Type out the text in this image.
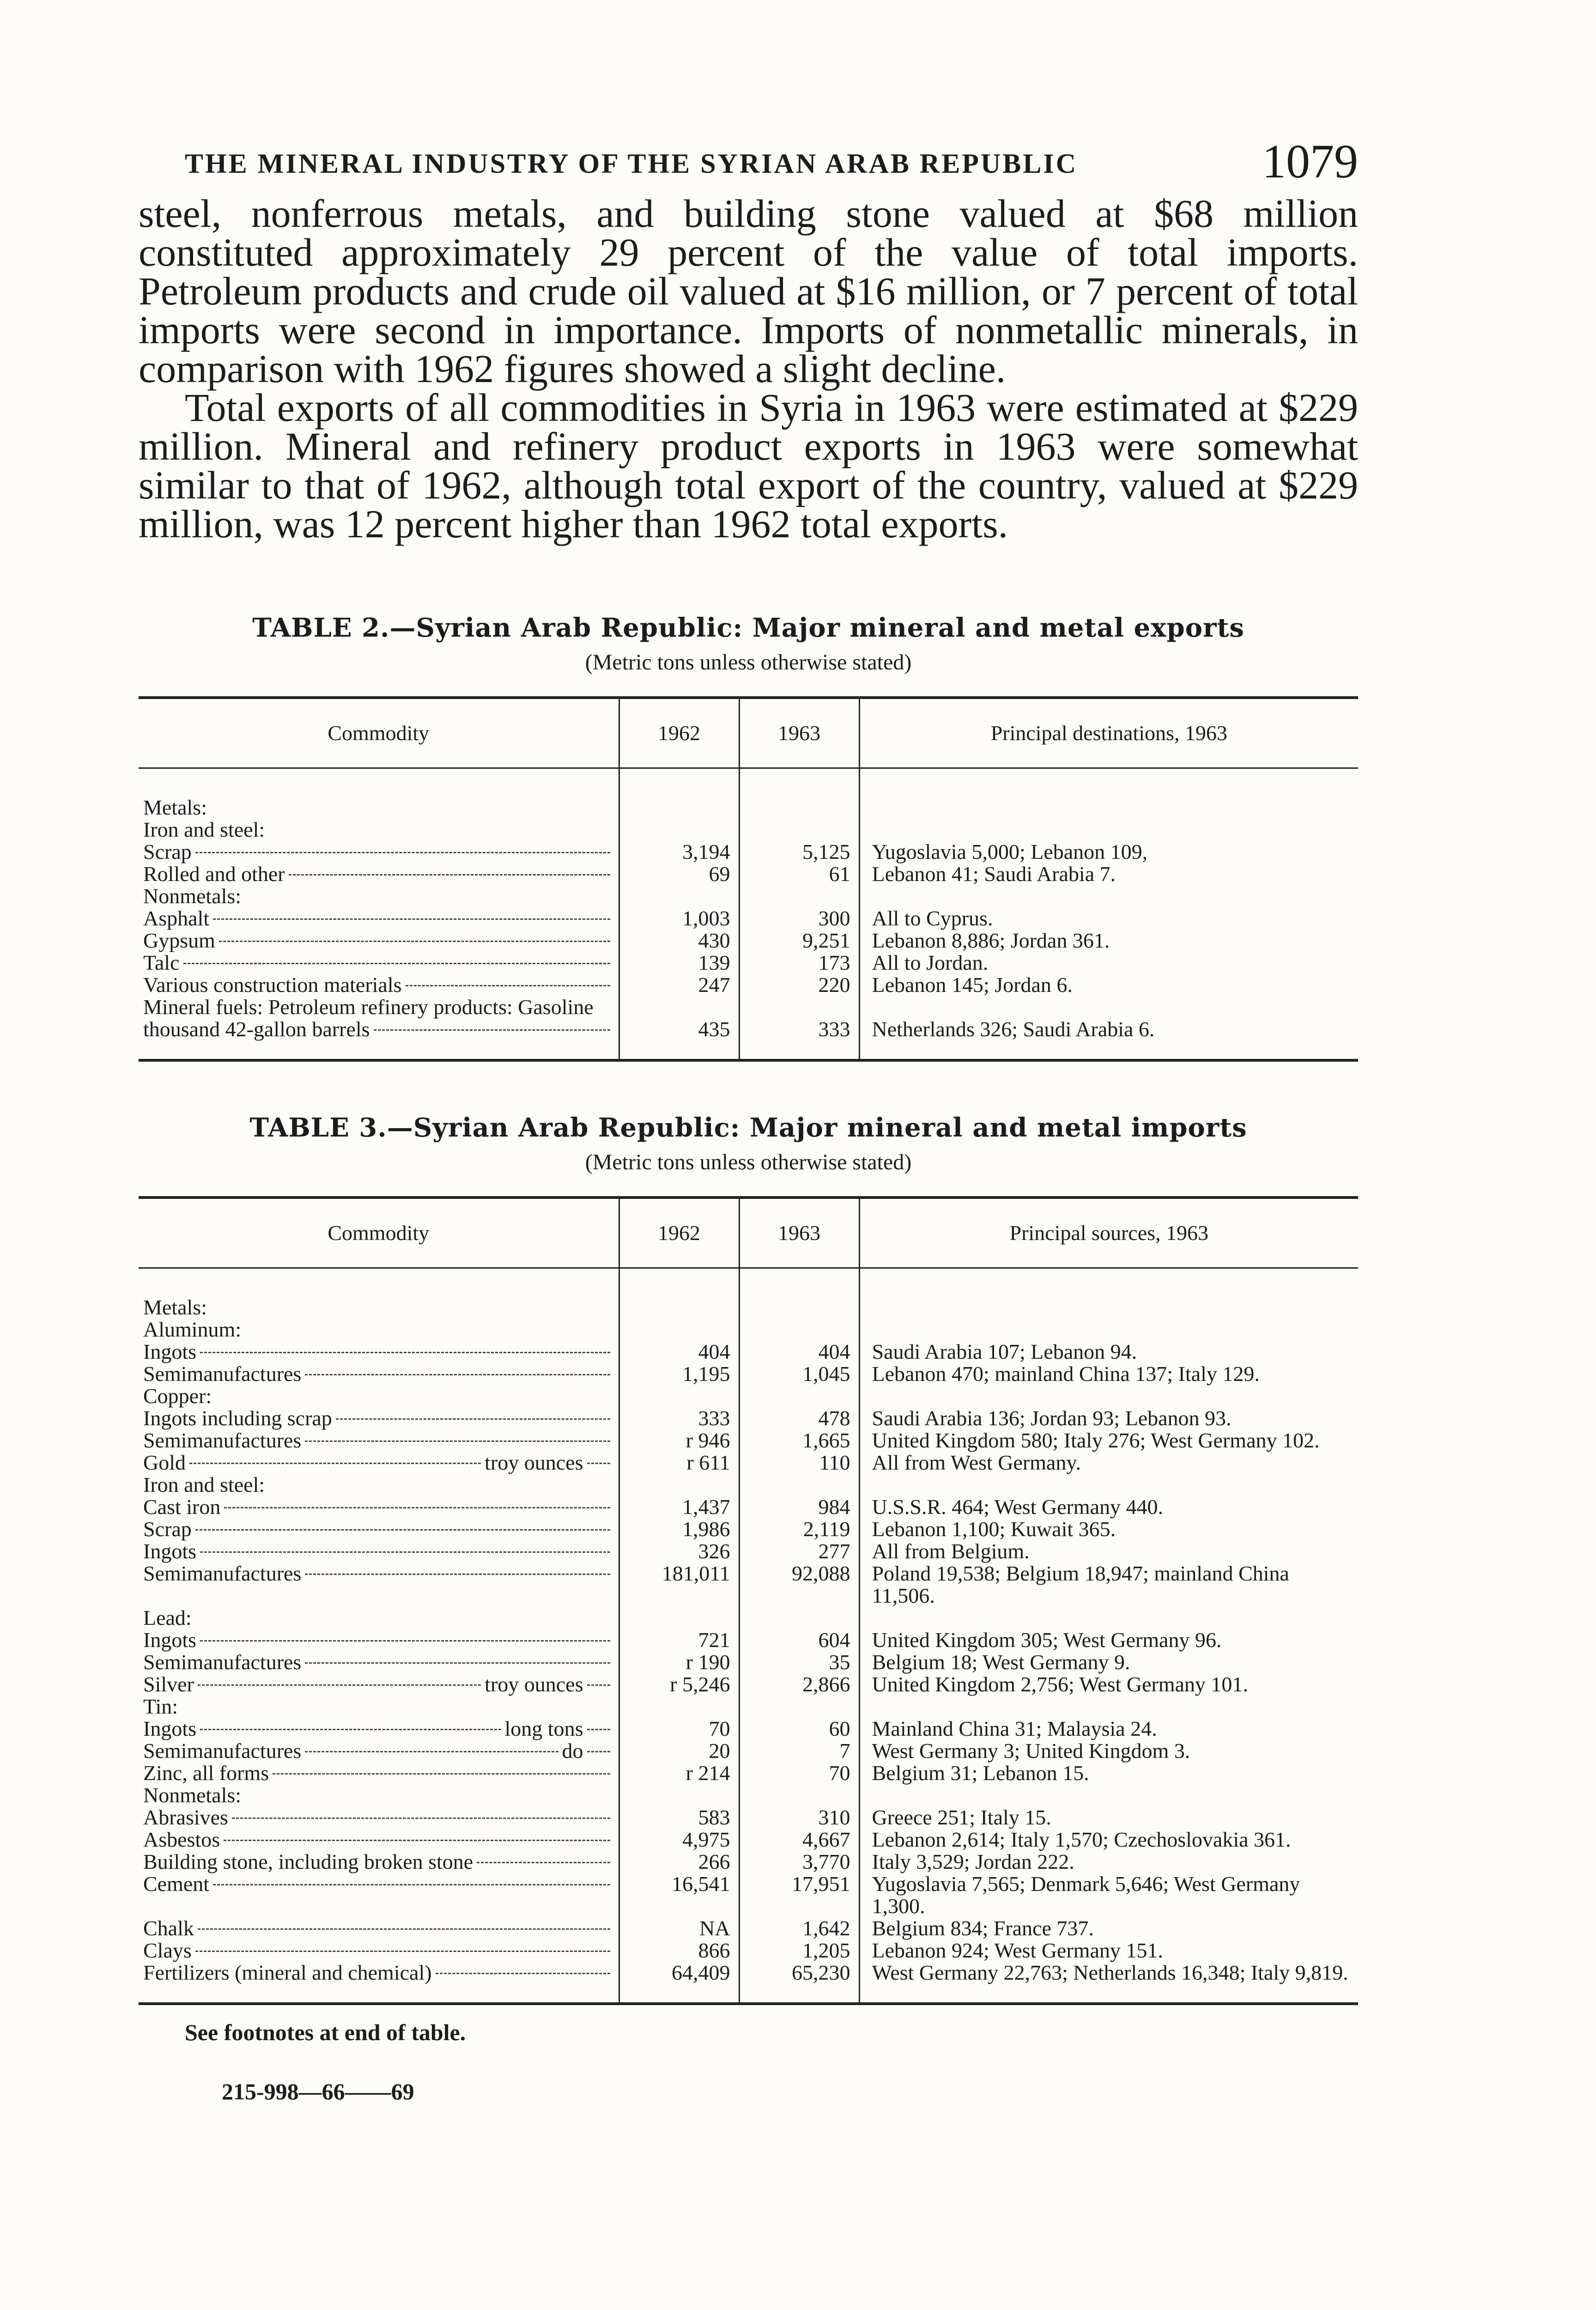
THE MINERAL INDUSTRY OF THE SYRIAN ARAB REPUBLIC	1079

steel, nonferrous metals, and building stone valued at $68 million constituted approximately 29 percent of the value of total imports. Petroleum products and crude oil valued at $16 million, or 7 percent of total imports were second in importance. Imports of nonmetallic minerals, in comparison with 1962 figures showed a slight decline.

Total exports of all commodities in Syria in 1963 were estimated at $229 million. Mineral and refinery product exports in 1963 were somewhat similar to that of 1962, although total export of the country, valued at $229 million, was 12 percent higher than 1962 total exports.

TABLE 2.—Syrian Arab Republic: Major mineral and metal exports
(Metric tons unless otherwise stated)
Commodity	1962	1963	Principal destinations, 1963

Metals:			

Iron and steel:			

Scrap	3,194	5,125	Yugoslavia 5,000; Lebanon 109,

Rolled and other	69	61	Lebanon 41; Saudi Arabia 7.

Nonmetals:			

Asphalt	1,003	300	All to Cyprus.

Gypsum	430	9,251	Lebanon 8,886; Jordan 361.

Talc	139	173	All to Jordan.

Various construction materials	247	220	Lebanon 145; Jordan 6.

Mineral fuels: Petroleum refinery products: Gasoline			

thousand 42-gallon barrels	435	333	Netherlands 326; Saudi Arabia 6.
TABLE 3.—Syrian Arab Republic: Major mineral and metal imports
(Metric tons unless otherwise stated)
Commodity	1962	1963	Principal sources, 1963

Metals:			

Aluminum:			

Ingots	404	404	Saudi Arabia 107; Lebanon 94.

Semimanufactures	1,195	1,045	Lebanon 470; mainland China 137; Italy 129.

Copper:			

Ingots including scrap	333	478	Saudi Arabia 136; Jordan 93; Lebanon 93.

Semimanufactures	r 946	1,665	United Kingdom 580; Italy 276; West Germany 102.

Gold troy ounces	r 611	110	All from West Germany.

Iron and steel:			

Cast iron	1,437	984	U.S.S.R. 464; West Germany 440.

Scrap	1,986	2,119	Lebanon 1,100; Kuwait 365.

Ingots	326	277	All from Belgium.

Semimanufactures	181,011	92,088	Poland 19,538; Belgium 18,947; mainland China 11,506.

Lead:			

Ingots	721	604	United Kingdom 305; West Germany 96.

Semimanufactures	r 190	35	Belgium 18; West Germany 9.

Silver troy ounces	r 5,246	2,866	United Kingdom 2,756; West Germany 101.

Tin:			

Ingots long tons	70	60	Mainland China 31; Malaysia 24.

Semimanufactures do	20	7	West Germany 3; United Kingdom 3.

Zinc, all forms	r 214	70	Belgium 31; Lebanon 15.

Nonmetals:			

Abrasives	583	310	Greece 251; Italy 15.

Asbestos	4,975	4,667	Lebanon 2,614; Italy 1,570; Czechoslovakia 361.

Building stone, including broken stone	266	3,770	Italy 3,529; Jordan 222.

Cement	16,541	17,951	Yugoslavia 7,565; Denmark 5,646; West Germany 1,300.

Chalk	NA	1,642	Belgium 834; France 737.

Clays	866	1,205	Lebanon 924; West Germany 151.

Fertilizers (mineral and chemical)	64,409	65,230	West Germany 22,763; Netherlands 16,348; Italy 9,819.
See footnotes at end of table.
215-998—66——69
